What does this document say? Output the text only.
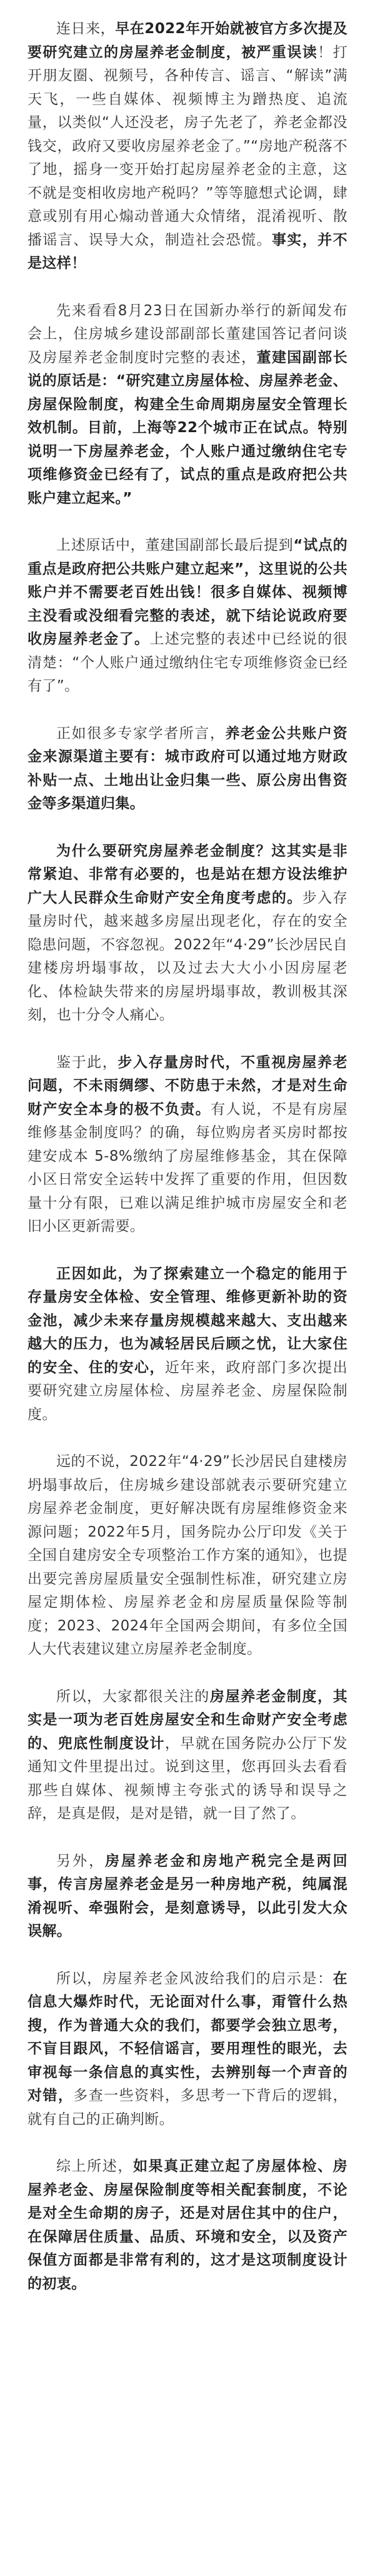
连日来，早在2022年开始就被官方多次提及要研究建立的房屋养老金制度，被严重误读！打开朋友圈、视频号，各种传言、谣言、“解读”满天飞，一些自媒体、视频博主为蹭热度、追流量，以类似“人还没老，房子先老了，养老金都没钱交，政府又要收房屋养老金了。”“房地产税落不了地，摇身一变开始打起房屋养老金的主意，这不就是变相收房地产税吗？”等等臆想式论调，肆意或别有用心煽动普通大众情绪，混淆视听、散播谣言、误导大众，制造社会恐慌。事实，并不是这样！

先来看看8月23日在国新办举行的新闻发布会上，住房城乡建设部副部长董建国答记者问谈及房屋养老金制度时完整的表述，董建国副部长说的原话是：“研究建立房屋体检、房屋养老金、房屋保险制度，构建全生命周期房屋安全管理长效机制。目前，上海等22个城市正在试点。特别说明一下房屋养老金，个人账户通过缴纳住宅专项维修资金已经有了，试点的重点是政府把公共账户建立起来。”

上述原话中，董建国副部长最后提到“试点的重点是政府把公共账户建立起来”，这里说的公共账户并不需要老百姓出钱！很多自媒体、视频博主没看或没细看完整的表述，就下结论说政府要收房屋养老金了。上述完整的表述中已经说的很清楚：“个人账户通过缴纳住宅专项维修资金已经有了”。

正如很多专家学者所言，养老金公共账户资金来源渠道主要有：城市政府可以通过地方财政补贴一点、土地出让金归集一些、原公房出售资金等多渠道归集。

为什么要研究房屋养老金制度？这其实是非常紧迫、非常有必要的，也是站在想方设法维护广大人民群众生命财产安全角度考虑的。步入存量房时代，越来越多房屋出现老化，存在的安全隐患问题，不容忽视。2022年“4·29”长沙居民自建楼房坍塌事故，以及过去大大小小因房屋老化、体检缺失带来的房屋坍塌事故，教训极其深刻，也十分令人痛心。

鉴于此，步入存量房时代，不重视房屋养老问题，不未雨绸缪、不防患于未然，才是对生命财产安全本身的极不负责。有人说，不是有房屋维修基金制度吗？的确，每位购房者买房时都按建安成本 5-8%缴纳了房屋维修基金，其在保障小区日常安全运转中发挥了重要的作用，但因数量十分有限，已难以满足维护城市房屋安全和老旧小区更新需要。

正因如此，为了探索建立一个稳定的能用于存量房安全体检、安全管理、维修更新补助的资金池，减少未来存量房规模越来越大、支出越来越大的压力，也为减轻居民后顾之忧，让大家住的安全、住的安心，近年来，政府部门多次提出要研究建立房屋体检、房屋养老金、房屋保险制度。

远的不说，2022年“4·29”长沙居民自建楼房坍塌事故后，住房城乡建设部就表示要研究建立房屋养老金制度，更好解决既有房屋维修资金来源问题；2022年5月，国务院办公厅印发《关于全国自建房安全专项整治工作方案的通知》，也提出要完善房屋质量安全强制性标准，研究建立房屋定期体检、房屋养老金和房屋质量保险等制度；2023、2024年全国两会期间，有多位全国人大代表建议建立房屋养老金制度。

所以，大家都很关注的房屋养老金制度，其实是一项为老百姓房屋安全和生命财产安全考虑的、兜底性制度设计，早就在国务院办公厅下发通知文件里提出过。说到这里，您再回头去看看那些自媒体、视频博主夸张式的诱导和误导之辞，是真是假，是对是错，就一目了然了。

另外，房屋养老金和房地产税完全是两回事，传言房屋养老金是另一种房地产税，纯属混淆视听、牵强附会，是刻意诱导，以此引发大众误解。

所以，房屋养老金风波给我们的启示是：在信息大爆炸时代，无论面对什么事，甭管什么热搜，作为普通大众的我们，都要学会独立思考，不盲目跟风，不轻信谣言，要用理性的眼光，去审视每一条信息的真实性，去辨别每一个声音的对错，多查一些资料，多思考一下背后的逻辑，就有自己的正确判断。

综上所述，如果真正建立起了房屋体检、房屋养老金、房屋保险制度等相关配套制度，不论是对全生命期的房子，还是对居住其中的住户，在保障居住质量、品质、环境和安全，以及资产保值方面都是非常有利的，这才是这项制度设计的初衷。
